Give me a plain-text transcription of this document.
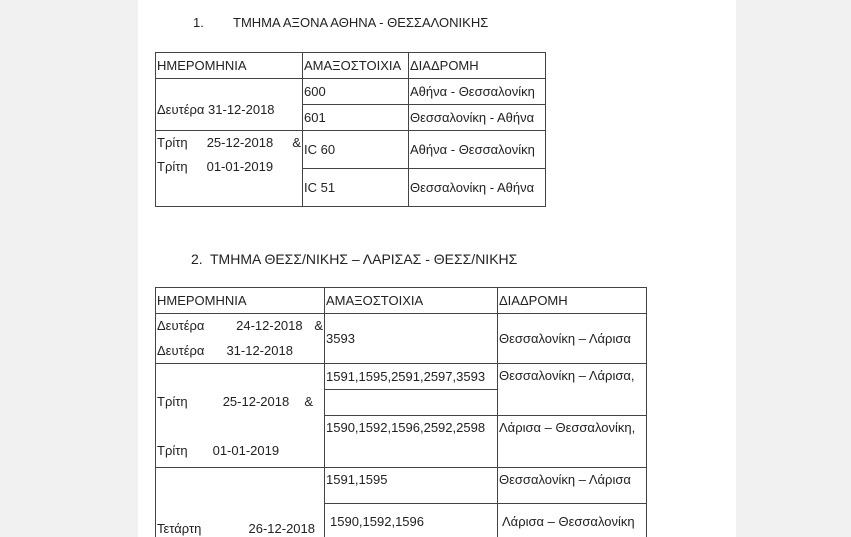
1. ΤΜΗΜΑ ΑΞΟΝΑ ΑΘΗΝΑ - ΘΕΣΣΑΛΟΝΙΚΗΣ
ΗΜΕΡΟΜΗΝΙΑ	ΑΜΑΞΟΣΤΟΙΧΙΑ	ΔΙΑΔΡΟΜΗ
Δευτέρα 31-12-2018	600	Αθήνα - Θεσσαλονίκη
	601	Θεσσαλονίκη - Αθήνα

Τρίτη 25-12-2018 &
Τρίτη 01-01-2019	IC 60	Αθήνα - Θεσσαλονίκη
	IC 51	Θεσσαλονίκη - Αθήνα
2. ΤΜΗΜΑ ΘΕΣΣ/ΝΙΚΗΣ – ΛΑΡΙΣΑΣ - ΘΕΣΣ/ΝΙΚΗΣ
ΗΜΕΡΟΜΗΝΙΑ	ΑΜΑΞΟΣΤΟΙΧΙΑ	ΔΙΑΔΡΟΜΗ

Δευτέρα 24-12-2018 &
Δευτέρα 31-12-2018	3593	Θεσσαλονίκη – Λάρισα

Τρίτη 25-12-2018 &
Τρίτη 01-01-2019	1591,1595,2591,2597,3593	Θεσσαλονίκη – Λάρισα,

	1590,1592,1596,2592,2598	Λάρισα – Θεσσαλονίκη,

Τετάρτη 26-12-2018	1591,1595	Θεσσαλονίκη – Λάρισα
	1590,1592,1596	Λάρισα – Θεσσαλονίκη
